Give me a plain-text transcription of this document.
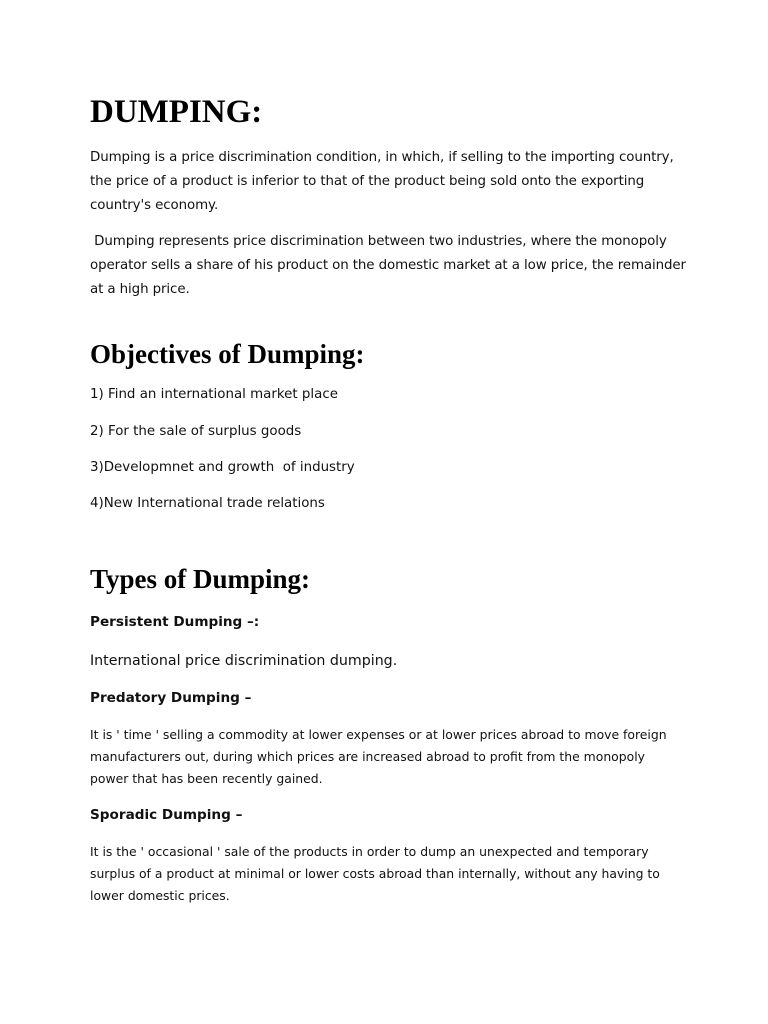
DUMPING:

Dumping is a price discrimination condition, in which, if selling to the importing country, the price of a product is inferior to that of the product being sold onto the exporting country's economy.

Dumping represents price discrimination between two industries, where the monopoly operator sells a share of his product on the domestic market at a low price, the remainder at a high price.

Objectives of Dumping:

1) Find an international market place

2) For the sale of surplus goods

3)Developmnet and growth  of industry

4)New International trade relations

Types of Dumping:

Persistent Dumping –:

International price discrimination dumping.

Predatory Dumping –

It is ' time ' selling a commodity at lower expenses or at lower prices abroad to move foreign manufacturers out, during which prices are increased abroad to profit from the monopoly power that has been recently gained.

Sporadic Dumping –

It is the ' occasional ' sale of the products in order to dump an unexpected and temporary surplus of a product at minimal or lower costs abroad than internally, without any having to lower domestic prices.
